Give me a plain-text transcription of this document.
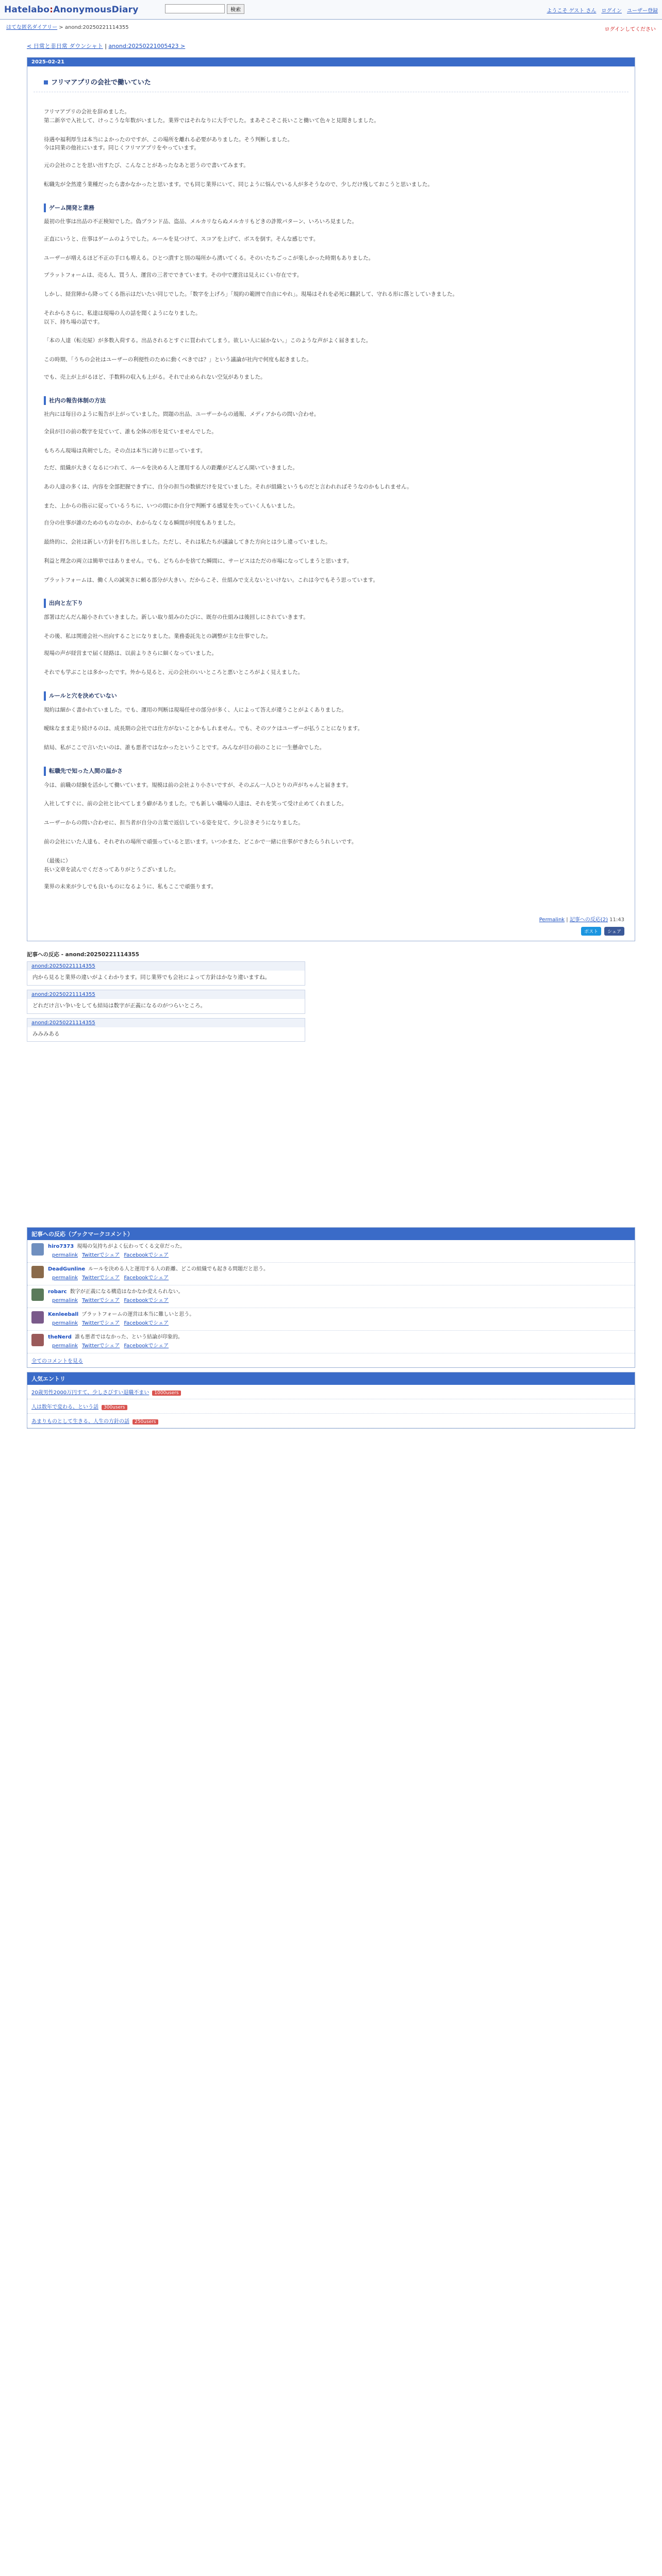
Hatelabo:AnonymousDiary	検索	ようこそ ゲスト さん ログイン ユーザー登録
はてな匿名ダイアリー > anond:20250221114355	ログインしてください
< 日常と非日常 ダウンシャト | anond:20250221005423 >
2025-02-21
フリマアプリの会社で働いていた

フリマアプリの会社を辞めました。
第二新卒で入社して、けっこうな年数がいました。業界ではそれなりに大手でした。まあそこそこ長いこと働いて色々と見聞きしました。

待遇や福利厚生は本当によかったのですが、この場所を離れる必要がありました。そう判断しました。
今は同業の他社にいます。同じくフリマアプリをやっています。

元の会社のことを思い出すたび、こんなことがあったなあと思うので書いてみます。

転職先が全然違う業種だったら書かなかったと思います。でも同じ業界にいて、同じように悩んでいる人が多そうなので、少しだけ残しておこうと思いました。

ゲーム開発と業務

最初の仕事は出品の不正検知でした。偽ブランド品、盗品、メルカリならぬメルカリもどきの詐欺パターン、いろいろ見ました。

正直にいうと、仕事はゲームのようでした。ルールを見つけて、スコアを上げて、ボスを倒す。そんな感じです。

ユーザーが増えるほど不正の手口も増える。ひとつ潰すと別の場所から湧いてくる。そのいたちごっこが楽しかった時期もありました。

プラットフォームは、売る人、買う人、運営の三者でできています。その中で運営は見えにくい存在です。

しかし、経営陣から降ってくる指示はだいたい同じでした。「数字を上げろ」「規約の範囲で自由にやれ」。現場はそれを必死に翻訳して、守れる形に落としていきました。

それからさらに、私達は現場の人の話を聞くようになりました。
以下、持ち場の話です。

「本の人達（転売屋）が多数入荷する。出品されるとすぐに買われてしまう。欲しい人に届かない。」このような声がよく届きました。

この時期、「うちの会社はユーザーの利便性のために動くべきでは？」という議論が社内で何度も起きました。

でも、売上が上がるほど、手数料の収入も上がる。それで止められない空気がありました。

社内の報告体制の方法

社内には毎日のように報告が上がっていました。問題の出品、ユーザーからの通報、メディアからの問い合わせ。

全員が目の前の数字を見ていて、誰も全体の形を見ていませんでした。

もちろん現場は真剣でした。その点は本当に誇りに思っています。

ただ、組織が大きくなるにつれて、ルールを決める人と運用する人の距離がどんどん開いていきました。

あの人達の多くは、内容を全部把握できずに、自分の担当の数値だけを見ていました。それが組織というものだと言われればそうなのかもしれません。

また、上からの指示に従っているうちに、いつの間にか自分で判断する感覚を失っていく人もいました。

自分の仕事が誰のためのものなのか、わからなくなる瞬間が何度もありました。

最終的に、会社は新しい方針を打ち出しました。ただし、それは私たちが議論してきた方向とは少し違っていました。

利益と理念の両立は簡単ではありません。でも、どちらかを捨てた瞬間に、サービスはただの市場になってしまうと思います。

プラットフォームは、働く人の誠実さに頼る部分が大きい。だからこそ、仕組みで支えないといけない。これは今でもそう思っています。

出向と左下り

部署はだんだん縮小されていきました。新しい取り組みのたびに、既存の仕組みは後回しにされていきます。

その後、私は関連会社へ出向することになりました。業務委託先との調整が主な仕事でした。

現場の声が経営まで届く経路は、以前よりさらに細くなっていました。

それでも学ぶことは多かったです。外から見ると、元の会社のいいところと悪いところがよく見えました。

ルールと穴を決めていない

規約は細かく書かれていました。でも、運用の判断は現場任せの部分が多く、人によって答えが違うことがよくありました。

曖昧なまま走り続けるのは、成長期の会社では仕方がないことかもしれません。でも、そのツケはユーザーが払うことになります。

結局、私がここで言いたいのは、誰も悪者ではなかったということです。みんなが目の前のことに一生懸命でした。

転職先で知った人間の温かさ

今は、前職の経験を活かして働いています。規模は前の会社より小さいですが、そのぶん一人ひとりの声がちゃんと届きます。

入社してすぐに、前の会社と比べてしまう癖がありました。でも新しい職場の人達は、それを笑って受け止めてくれました。

ユーザーからの問い合わせに、担当者が自分の言葉で返信している姿を見て、少し泣きそうになりました。

前の会社にいた人達も、それぞれの場所で頑張っていると思います。いつかまた、どこかで一緒に仕事ができたらうれしいです。

（最後に）
長い文章を読んでくださってありがとうございました。

業界の未来が少しでも良いものになるように、私もここで頑張ります。

Permalink | 記事への反応(2) 11:43
ポスト	シェア
記事への反応 - anond:20250221114355
anond:20250221114355
内から見ると業界の違いがよくわかります。同じ業界でも会社によって方針はかなり違いますね。
anond:20250221114355
どれだけ言い争いをしても結局は数字が正義になるのがつらいところ。
anond:20250221114355
みみみある
記事への反応（ブックマークコメント）
hiro7373 現場の気持ちがよく伝わってくる文章だった。
permalink Twitterでシェア Facebookでシェア
DeadGunline ルールを決める人と運用する人の距離、どこの組織でも起きる問題だと思う。
permalink Twitterでシェア Facebookでシェア
robarc 数字が正義になる構造はなかなか変えられない。
permalink Twitterでシェア Facebookでシェア
Kenleeball プラットフォームの運営は本当に難しいと思う。
permalink Twitterでシェア Facebookでシェア
theNerd 誰も悪者ではなかった、という結論が印象的。
permalink Twitterでシェア Facebookでシェア
全てのコメントを見る
人気エントリ
20歳男性2000万円すて、少しさびすい退職不まい 1000users
人は数年で変わる、という話 300users
あまりものとして生きる、人生の方針の話 250users
